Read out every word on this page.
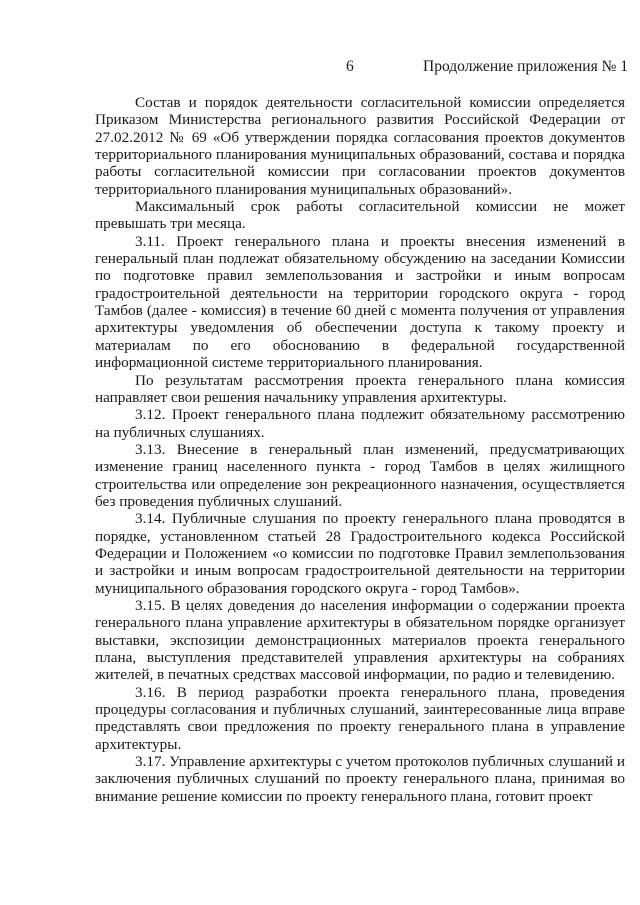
6	Продолжение приложения № 1

Состав и порядок деятельности согласительной комиссии определяется Приказом Министерства регионального развития Российской Федерации от 27.02.2012 № 69 «Об утверждении порядка согласования проектов документов территориального планирования муниципальных образований, состава и порядка работы согласительной комиссии при согласовании проектов документов территориального планирования муниципальных образований».

Максимальный срок работы согласительной комиссии не может превышать три месяца.

3.11. Проект генерального плана и проекты внесения изменений в генеральный план подлежат обязательному обсуждению на заседании Комиссии по подготовке правил землепользования и застройки и иным вопросам градостроительной деятельности на территории городского округа - город Тамбов (далее - комиссия) в течение 60 дней с момента получения от управления архитектуры уведомления об обеспечении доступа к такому проекту и материалам по его обоснованию в федеральной государственной информационной системе территориального планирования.

По результатам рассмотрения проекта генерального плана комиссия направляет свои решения начальнику управления архитектуры.

3.12. Проект генерального плана подлежит обязательному рассмотрению на публичных слушаниях.

3.13. Внесение в генеральный план изменений, предусматривающих изменение границ населенного пункта - город Тамбов в целях жилищного строительства или определение зон рекреационного назначения, осуществляется без проведения публичных слушаний.

3.14. Публичные слушания по проекту генерального плана проводятся в порядке, установленном статьей 28 Градостроительного кодекса Российской Федерации и Положением «о комиссии по подготовке Правил землепользования и застройки и иным вопросам градостроительной деятельности на территории муниципального образования городского округа - город Тамбов».

3.15. В целях доведения до населения информации о содержании проекта генерального плана управление архитектуры в обязательном порядке организует выставки, экспозиции демонстрационных материалов проекта генерального плана, выступления представителей управления архитектуры на собраниях жителей, в печатных средствах массовой информации, по радио и телевидению.

3.16. В период разработки проекта генерального плана, проведения процедуры согласования и публичных слушаний, заинтересованные лица вправе представлять свои предложения по проекту генерального плана в управление архитектуры.

3.17. Управление архитектуры с учетом протоколов публичных слушаний и заключения публичных слушаний по проекту генерального плана, принимая во внимание решение комиссии по проекту генерального плана, готовит проект
